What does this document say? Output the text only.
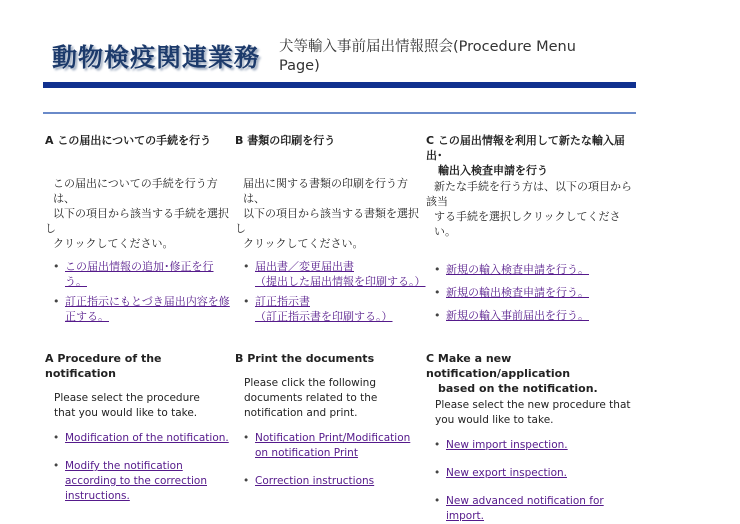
動物検疫関連業務 犬等輸入事前届出情報照会(Procedure Menu Page)
A この届出についての手続を行う
この届出についての手続を行う方は、
以下の項目から該当する手続を選択
し
クリックしてください。
• この届出情報の追加･修正を行う。
• 訂正指示にもとづき届出内容を修正する。
B 書類の印刷を行う
届出に関する書類の印刷を行う方は、
以下の項目から該当する書類を選択
し
クリックしてください。
• 届出書／変更届出書
（提出した届出情報を印刷する。）
• 訂正指示書
（訂正指示書を印刷する。）
C この届出情報を利用して新たな輸入届出･
輸出入検査申請を行う
新たな手続を行う方は、以下の項目から
該当
する手続を選択しクリックしてください。
• 新規の輸入検査申請を行う。
• 新規の輸出検査申請を行う。
• 新規の輸入事前届出を行う。
A Procedure of the notification
Please select the procedure that you would like to take.
• Modification of the notification.
• Modify the notification according to the correction instructions.
B Print the documents
Please click the following documents related to the notification and print.
• Notification Print/Modification on notification Print
• Correction instructions
C Make a new notification/application
based on the notification.
Please select the new procedure that you would like to take.
• New import inspection.
• New export inspection.
• New advanced notification for import.
